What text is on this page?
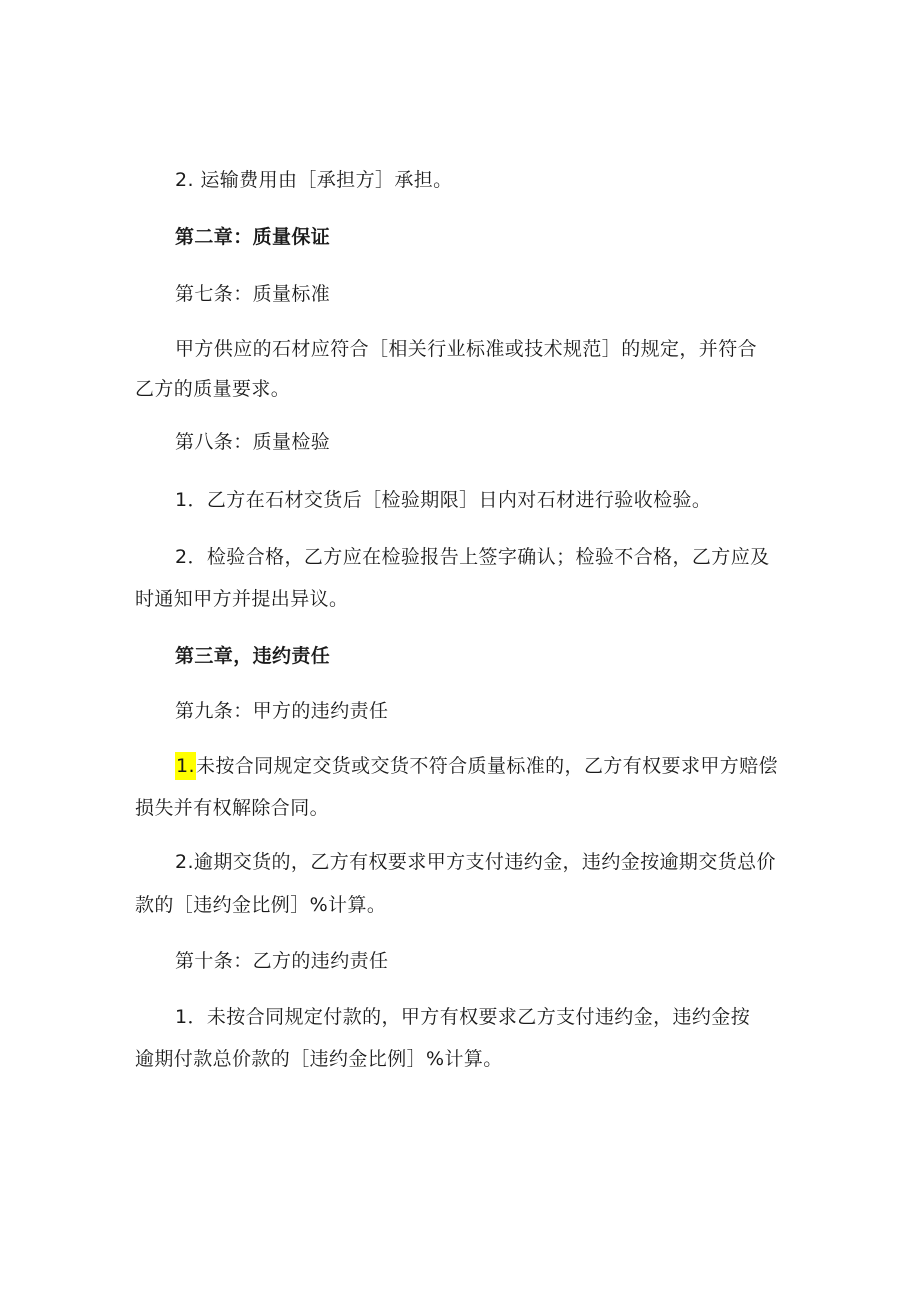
2. 运输费用由［承担方］承担。
第二章：质量保证
第七条：质量标准
甲方供应的石材应符合［相关行业标准或技术规范］的规定，并符合
乙方的质量要求。
第八条：质量检验
1．乙方在石材交货后［检验期限］日内对石材进行验收检验。
2．检验合格，乙方应在检验报告上签字确认；检验不合格，乙方应及
时通知甲方并提出异议。
第三章，违约责任
第九条：甲方的违约责任
1.未按合同规定交货或交货不符合质量标准的，乙方有权要求甲方赔偿
损失并有权解除合同。
2.逾期交货的，乙方有权要求甲方支付违约金，违约金按逾期交货总价
款的［违约金比例］%计算。
第十条：乙方的违约责任
1．未按合同规定付款的，甲方有权要求乙方支付违约金，违约金按
逾期付款总价款的［违约金比例］%计算。
